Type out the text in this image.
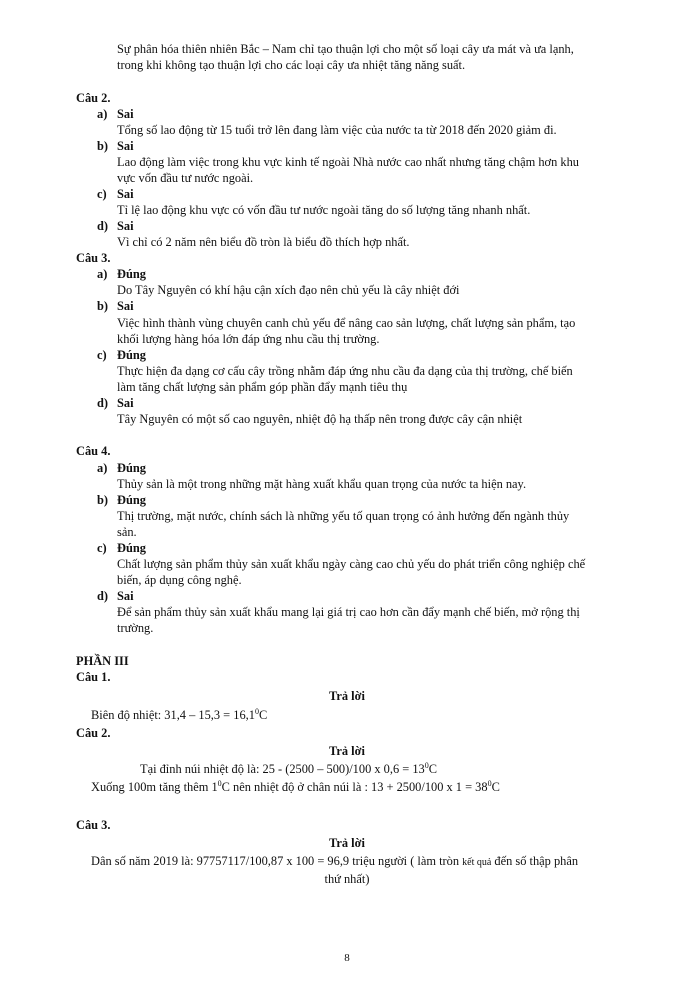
Sự phân hóa thiên nhiên Bắc – Nam chỉ tạo thuận lợi cho một số loại cây ưa mát và ưa lạnh,
trong khi không tạo thuận lợi cho các loại cây ưa nhiệt tăng năng suất.
Câu 2.
a) Sai
Tổng số lao động từ 15 tuổi trở lên đang làm việc của nước ta từ 2018 đến 2020 giảm đi.
b) Sai
Lao động làm việc trong khu vực kinh tế ngoài Nhà nước cao nhất nhưng tăng chậm hơn khu
vực vốn đầu tư nước ngoài.
c) Sai
Tỉ lệ lao động khu vực có vốn đầu tư nước ngoài tăng do số lượng tăng nhanh nhất.
d) Sai
Vì chỉ có 2 năm nên biểu đồ tròn là biểu đồ thích hợp nhất.
Câu 3.
a) Đúng
Do Tây Nguyên có khí hậu cận xích đạo nên chủ yếu là cây nhiệt đới
b) Sai
Việc hình thành vùng chuyên canh chủ yếu để nâng cao sản lượng, chất lượng sản phẩm, tạo
khối lượng hàng hóa lớn đáp ứng nhu cầu thị trường.
c) Đúng
Thực hiện đa dạng cơ cấu cây trồng nhằm đáp ứng nhu cầu đa dạng của thị trường, chế biến
làm tăng chất lượng sản phẩm góp phần đẩy mạnh tiêu thụ
d) Sai
Tây Nguyên có một số cao nguyên, nhiệt độ hạ thấp nên trong được cây cận nhiệt
Câu 4.
a) Đúng
Thủy sản là một trong những mặt hàng xuất khẩu quan trọng của nước ta hiện nay.
b) Đúng
Thị trường, mặt nước, chính sách là những yếu tố quan trọng có ảnh hưởng đến ngành thủy
sản.
c) Đúng
Chất lượng sản phẩm thủy sản xuất khẩu ngày càng cao chủ yếu do phát triển công nghiệp chế
biến, áp dụng công nghệ.
d) Sai
Để sản phẩm thủy sản xuất khẩu mang lại giá trị cao hơn cần đẩy mạnh chế biến, mở rộng thị
trường.
PHẦN III
Câu 1.
Trả lời
Biên độ nhiệt: $31,4 - 15,3 = 16,1^0C$
Câu 2.
Trả lời
Tại đỉnh núi nhiệt độ là: 25 - (2500 – 500)/100 x $0,6 = 13^0C$
Xuống 100m tăng thêm $1^0C$ nên nhiệt độ ở chân núi là : 13 + 2500/100 x $1 = 38^0C$
Câu 3.
Trả lời
Dân số năm 2019 là: 97757117/100,87 x 100 = 96,9 triệu người ( làm tròn kết quả đến số thập phân
thứ nhất)
8
